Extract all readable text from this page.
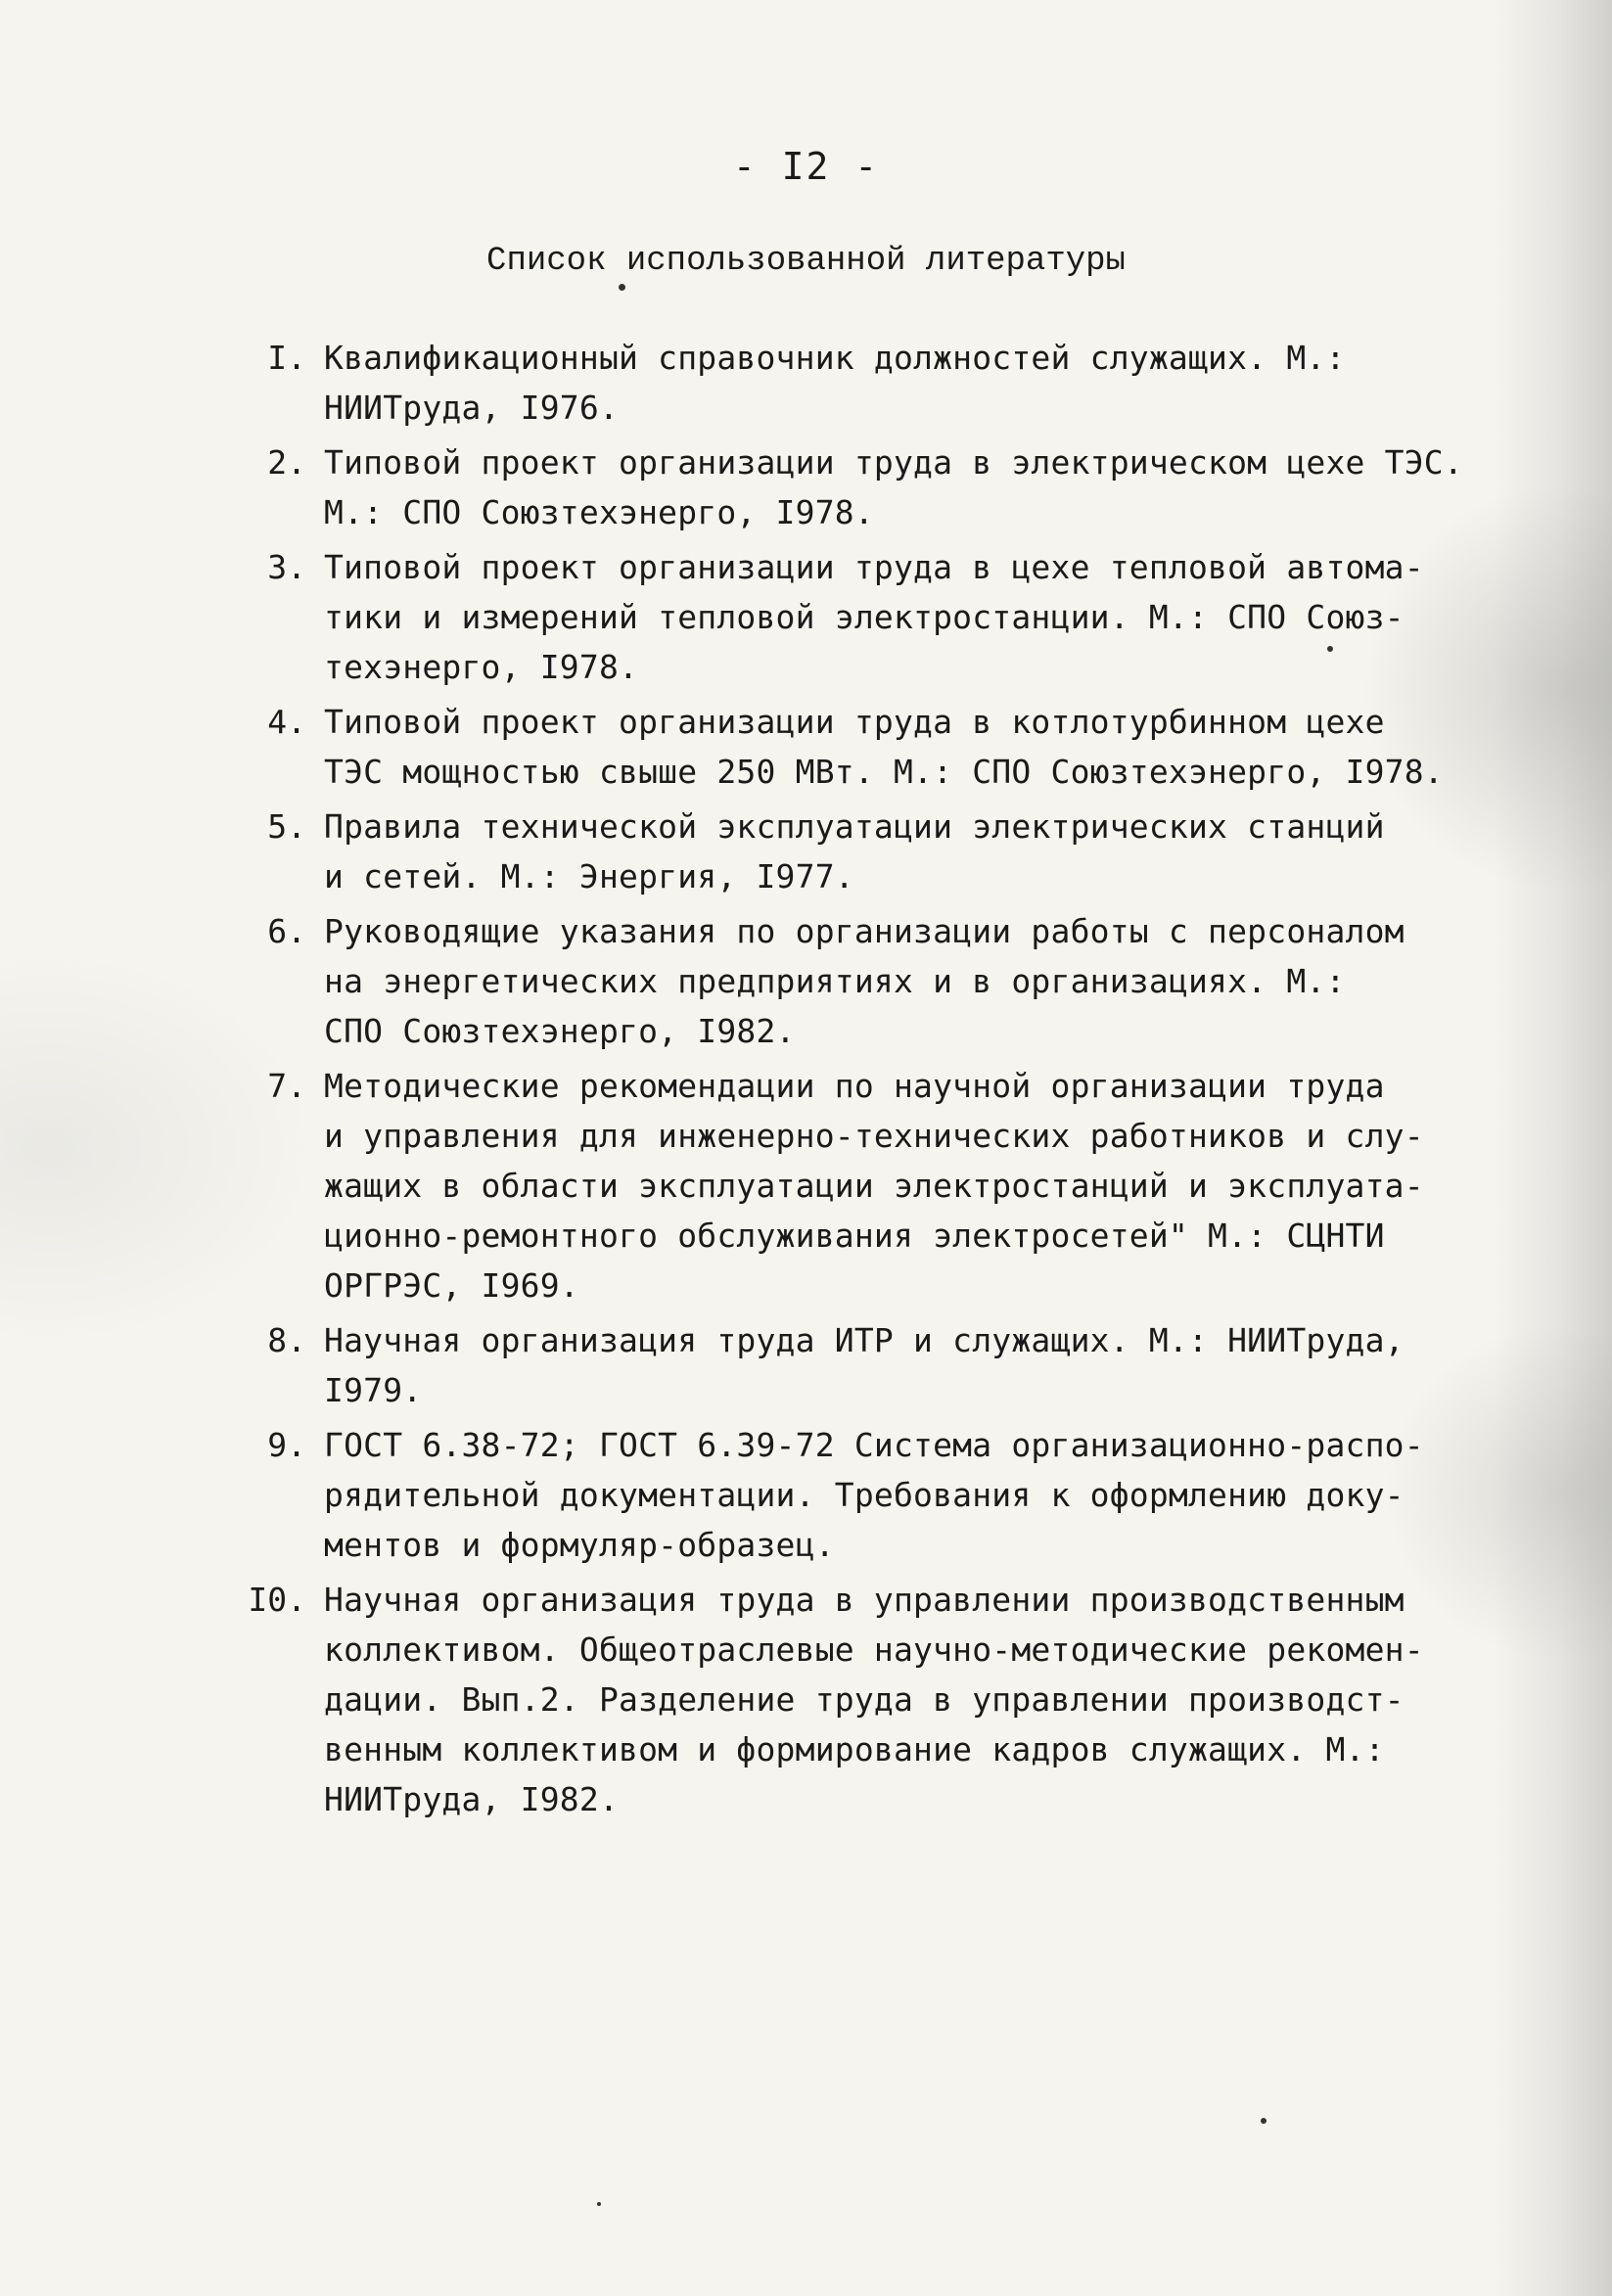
- I2 -
Список использованной литературы
I. Квалификационный справочник должностей служащих. М.:
НИИТруда, I976.
2. Типовой проект организации труда в электрическом цехе ТЭС.
М.: СПО Союзтехэнерго, I978.
3. Типовой проект организации труда в цехе тепловой автома-
тики и измерений тепловой электростанции. М.: СПО Союз-
техэнерго, I978.
4. Типовой проект организации труда в котлотурбинном цехе
ТЭС мощностью свыше 250 МВт. М.: СПО Союзтехэнерго, I978.
5. Правила технической эксплуатации электрических станций
и сетей. М.: Энергия, I977.
6. Руководящие указания по организации работы с персоналом
на энергетических предприятиях и в организациях. М.:
СПО Союзтехэнерго, I982.
7. Методические рекомендации по научной организации труда
и управления для инженерно-технических работников и слу-
жащих в области эксплуатации электростанций и эксплуата-
ционно-ремонтного обслуживания электросетей" М.: СЦНТИ
ОРГРЭС, I969.
8. Научная организация труда ИТР и служащих. М.: НИИТруда,
I979.
9. ГОСТ 6.38-72; ГОСТ 6.39-72 Система организационно-распо-
рядительной документации. Требования к оформлению доку-
ментов и формуляр-образец.
I0. Научная организация труда в управлении производственным
коллективом. Общеотраслевые научно-методические рекомен-
дации. Вып.2. Разделение труда в управлении производст-
венным коллективом и формирование кадров служащих. М.:
НИИТруда, I982.
